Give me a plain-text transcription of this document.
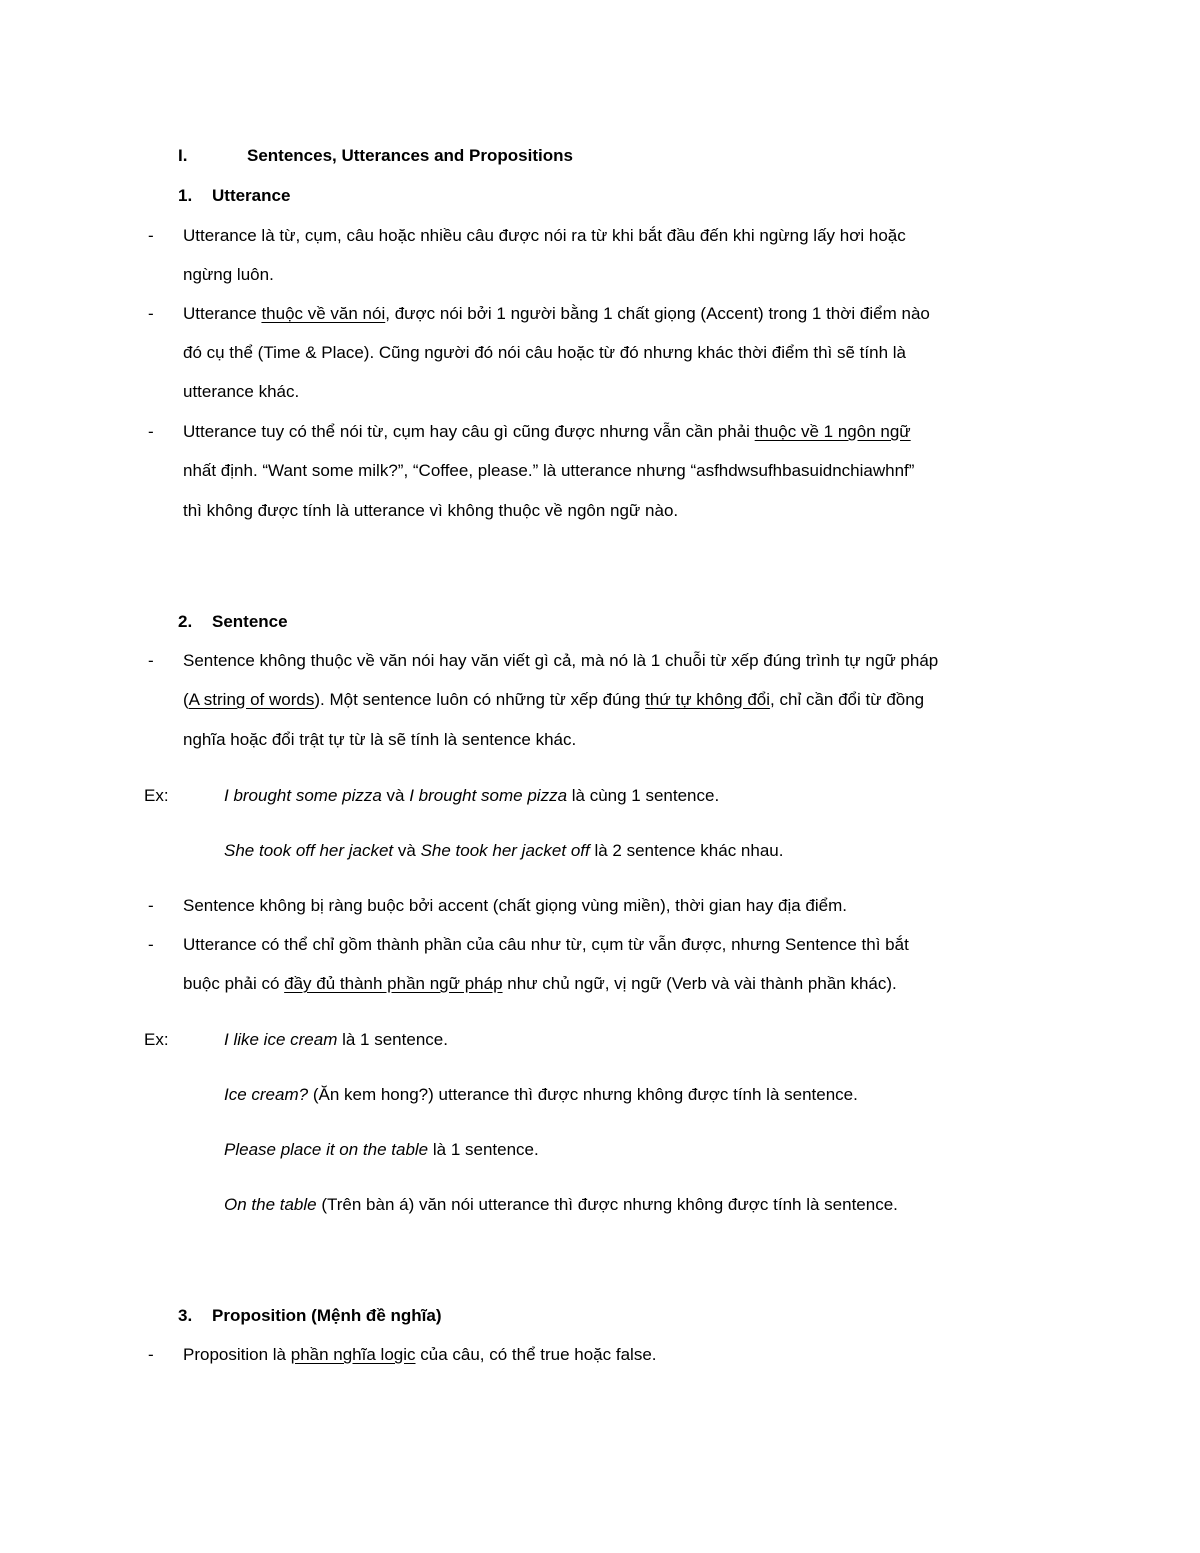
I.	Sentences, Utterances and Propositions
1. Utterance
- Utterance là từ, cụm, câu hoặc nhiều câu được nói ra từ khi bắt đầu đến khi ngừng lấy hơi hoặc
ngừng luôn.
- Utterance thuộc về văn nói, được nói bởi 1 người bằng 1 chất giọng (Accent) trong 1 thời điểm nào
đó cụ thể (Time & Place). Cũng người đó nói câu hoặc từ đó nhưng khác thời điểm thì sẽ tính là
utterance khác.
- Utterance tuy có thể nói từ, cụm hay câu gì cũng được nhưng vẫn cần phải thuộc về 1 ngôn ngữ
nhất định. “Want some milk?”, “Coffee, please.” là utterance nhưng “asfhdwsufhbasuidnchiawhnf”
thì không được tính là utterance vì không thuộc về ngôn ngữ nào.
2. Sentence
- Sentence không thuộc về văn nói hay văn viết gì cả, mà nó là 1 chuỗi từ xếp đúng trình tự ngữ pháp
(A string of words). Một sentence luôn có những từ xếp đúng thứ tự không đổi, chỉ cần đổi từ đồng
nghĩa hoặc đổi trật tự từ là sẽ tính là sentence khác.
Ex:	I brought some pizza và I brought some pizza là cùng 1 sentence.
She took off her jacket và She took her jacket off là 2 sentence khác nhau.
- Sentence không bị ràng buộc bởi accent (chất giọng vùng miền), thời gian hay địa điểm.
- Utterance có thể chỉ gồm thành phần của câu như từ, cụm từ vẫn được, nhưng Sentence thì bắt
buộc phải có đầy đủ thành phần ngữ pháp như chủ ngữ, vị ngữ (Verb và vài thành phần khác).
Ex:	I like ice cream là 1 sentence.
Ice cream? (Ăn kem hong?) utterance thì được nhưng không được tính là sentence.
Please place it on the table là 1 sentence.
On the table (Trên bàn á) văn nói utterance thì được nhưng không được tính là sentence.
3. Proposition (Mệnh đề nghĩa)
- Proposition là phần nghĩa logic của câu, có thể true hoặc false.
